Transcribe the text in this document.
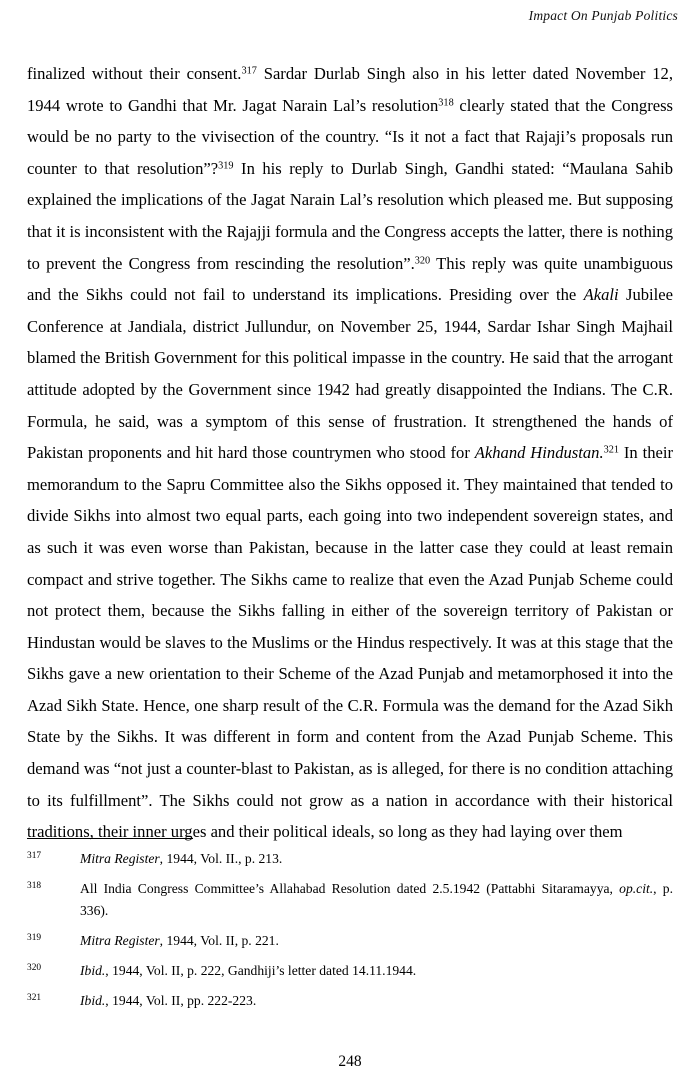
Impact On Punjab Politics

finalized without their consent.$^{317}$ Sardar Durlab Singh also in his letter dated November 12, 1944 wrote to Gandhi that Mr. Jagat Narain Lal’s resolution$^{318}$ clearly stated that the Congress would be no party to the vivisection of the country. “Is it not a fact that Rajaji’s proposals run counter to that resolution”?$^{319}$ In his reply to Durlab Singh, Gandhi stated: “Maulana Sahib explained the implications of the Jagat Narain Lal’s resolution which pleased me. But supposing that it is inconsistent with the Rajajji formula and the Congress accepts the latter, there is nothing to prevent the Congress from rescinding the resolution”.$^{320}$ This reply was quite unambiguous and the Sikhs could not fail to understand its implications. Presiding over the Akali Jubilee Conference at Jandiala, district Jullundur, on November 25, 1944, Sardar Ishar Singh Majhail blamed the British Government for this political impasse in the country. He said that the arrogant attitude adopted by the Government since 1942 had greatly disappointed the Indians. The C.R. Formula, he said, was a symptom of this sense of frustration. It strengthened the hands of Pakistan proponents and hit hard those countrymen who stood for Akhand Hindustan.$^{321}$ In their memorandum to the Sapru Committee also the Sikhs opposed it. They maintained that tended to divide Sikhs into almost two equal parts, each going into two independent sovereign states, and as such it was even worse than Pakistan, because in the latter case they could at least remain compact and strive together. The Sikhs came to realize that even the Azad Punjab Scheme could not protect them, because the Sikhs falling in either of the sovereign territory of Pakistan or Hindustan would be slaves to the Muslims or the Hindus respectively. It was at this stage that the Sikhs gave a new orientation to their Scheme of the Azad Punjab and metamorphosed it into the Azad Sikh State. Hence, one sharp result of the C.R. Formula was the demand for the Azad Sikh State by the Sikhs. It was different in form and content from the Azad Punjab Scheme. This demand was “not just a counter-blast to Pakistan, as is alleged, for there is no condition attaching to its fulfillment”. The Sikhs could not grow as a nation in accordance with their historical traditions, their inner urges and their political ideals, so long as they had laying over them

317	Mitra Register, 1944, Vol. II., p. 213.
318	All India Congress Committee’s Allahabad Resolution dated 2.5.1942 (Pattabhi Sitaramayya, op.cit., p. 336).
319	Mitra Register, 1944, Vol. II, p. 221.
320	Ibid., 1944, Vol. II, p. 222, Gandhiji’s letter dated 14.11.1944.
321	Ibid., 1944, Vol. II, pp. 222-223.
248
